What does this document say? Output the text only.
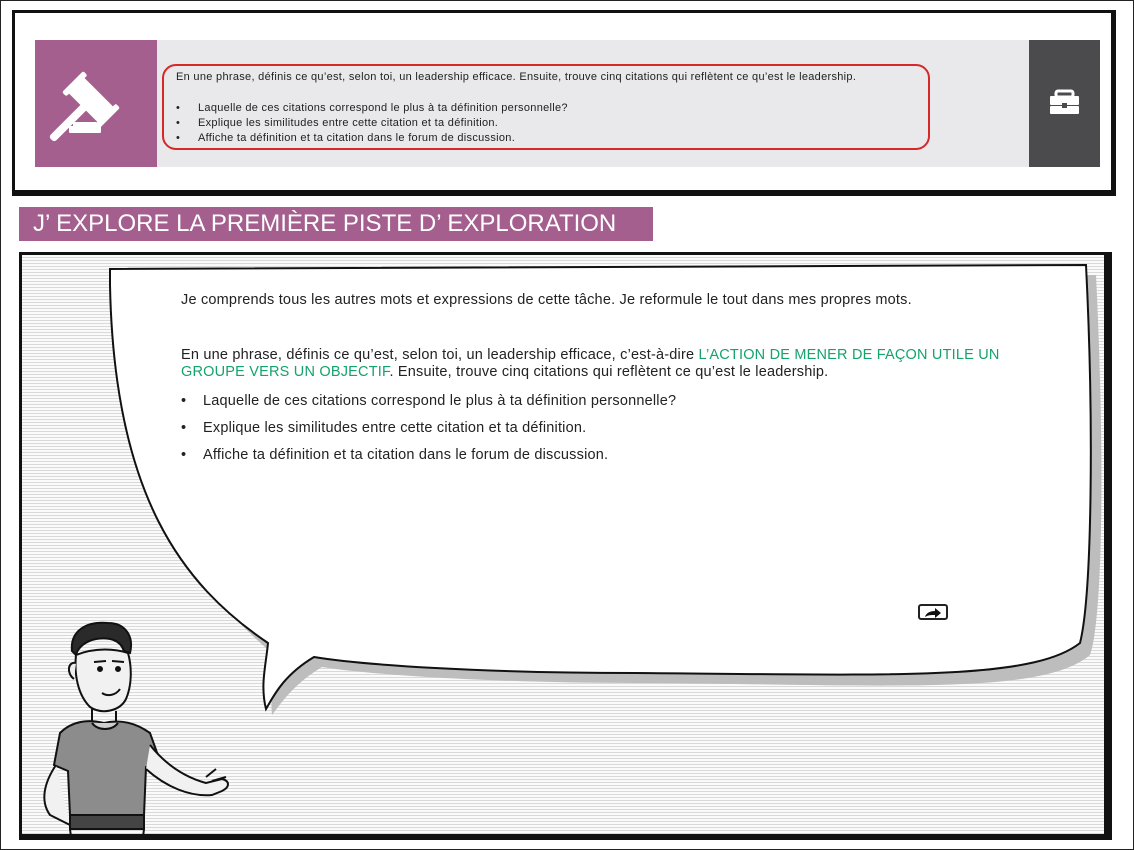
En une phrase, définis ce qu’est, selon toi, un leadership efficace. Ensuite, trouve cinq citations qui reflètent ce qu’est le leadership.
• Laquelle de ces citations correspond le plus à ta définition personnelle?
• Explique les similitudes entre cette citation et ta définition.
• Affiche ta définition et ta citation dans le forum de discussion.
J’ EXPLORE LA PREMIÈRE PISTE D’ EXPLORATION

Je comprends tous les autres mots et expressions de cette tâche. Je reformule le tout dans mes propres mots.

En une phrase, définis ce qu’est, selon toi, un leadership efficace, c’est-à-dire L’ACTION DE MENER DE FAÇON UTILE UN GROUPE VERS UN OBJECTIF. Ensuite, trouve cinq citations qui reflètent ce qu’est le leadership.

• Laquelle de ces citations correspond le plus à ta définition personnelle?
• Explique les similitudes entre cette citation et ta définition.
• Affiche ta définition et ta citation dans le forum de discussion.
